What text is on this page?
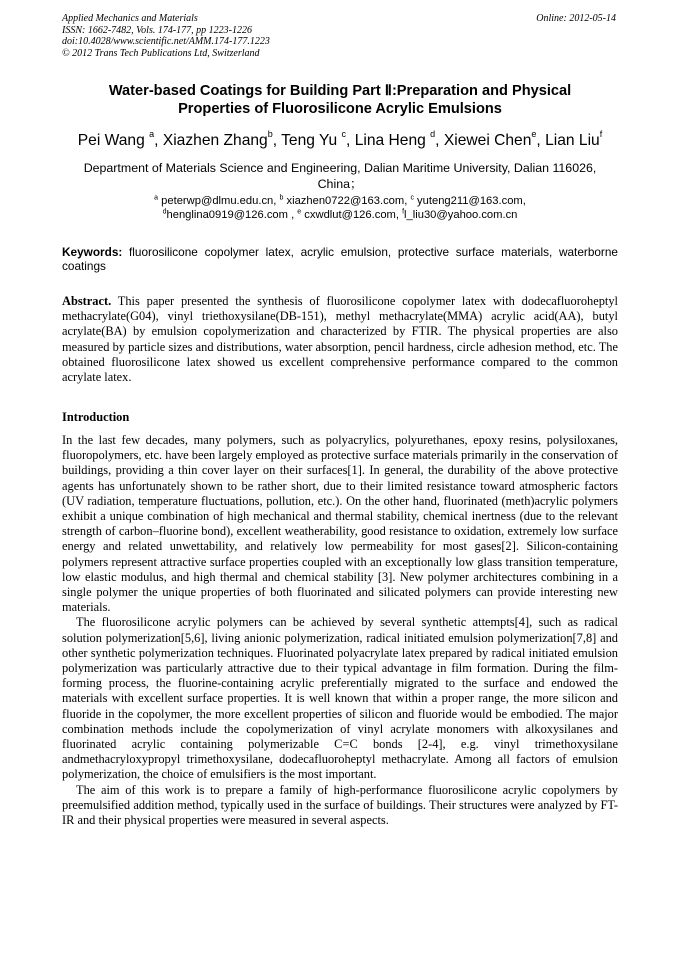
Applied Mechanics and Materials
ISSN: 1662-7482, Vols. 174-177, pp 1223-1226
doi:10.4028/www.scientific.net/AMM.174-177.1223
© 2012 Trans Tech Publications Ltd, Switzerland
Online: 2012-05-14
Water-based Coatings for Building Part Ⅱ:Preparation and Physical
Properties of Fluorosilicone Acrylic Emulsions
Pei Wang $^a$, Xiazhen Zhang$^b$, Teng Yu $^c$, Lina Heng $^d$, Xiewei Chen$^e$, Lian Liu$^f$
Department of Materials Science and Engineering, Dalian Maritime University, Dalian 116026,
China；
$^a$ peterwp@dlmu.edu.cn, $^b$ xiazhen0722@163.com, $^c$ yuteng211@163.com,
$^d$henglina0919@126.com , $^e$ cxwdlut@126.com, $^f$l_liu30@yahoo.com.cn
Keywords: fluorosilicone copolymer latex, acrylic emulsion, protective surface materials, waterborne coatings
Abstract. This paper presented the synthesis of fluorosilicone copolymer latex with dodecafluoroheptyl methacrylate(G04), vinyl triethoxysilane(DB-151), methyl methacrylate(MMA) acrylic acid(AA), butyl acrylate(BA) by emulsion copolymerization and characterized by FTIR. The physical properties are also measured by particle sizes and distributions, water absorption, pencil hardness, circle adhesion method, etc. The obtained fluorosilicone latex showed us excellent comprehensive performance compared to the common acrylate latex.
Introduction

In the last few decades, many polymers, such as polyacrylics, polyurethanes, epoxy resins, polysiloxanes, fluoropolymers, etc. have been largely employed as protective surface materials primarily in the conservation of buildings, providing a thin cover layer on their surfaces[1]. In general, the durability of the above protective agents has unfortunately shown to be rather short, due to their limited resistance toward atmospheric factors (UV radiation, temperature fluctuations, pollution, etc.). On the other hand, fluorinated (meth)acrylic polymers exhibit a unique combination of high mechanical and thermal stability, chemical inertness (due to the relevant strength of carbon–fluorine bond), excellent weatherability, good resistance to oxidation, extremely low surface energy and related unwettability, and relatively low permeability for most gases[2]. Silicon-containing polymers represent attractive surface properties coupled with an exceptionally low glass transition temperature, low elastic modulus, and high thermal and chemical stability [3]. New polymer architectures combining in a single polymer the unique properties of both fluorinated and silicated polymers can provide interesting new materials.

The fluorosilicone acrylic polymers can be achieved by several synthetic attempts[4], such as radical solution polymerization[5,6], living anionic polymerization, radical initiated emulsion polymerization[7,8] and other synthetic polymerization techniques. Fluorinated polyacrylate latex prepared by radical initiated emulsion polymerization was particularly attractive due to their typical advantage in film formation. During the film-forming process, the fluorine-containing acrylic preferentially migrated to the surface and endowed the materials with excellent surface properties. It is well known that within a proper range, the more silicon and fluoride in the copolymer, the more excellent properties of silicon and fluoride would be embodied. The major combination methods include the copolymerization of vinyl acrylate monomers with alkoxysilanes and fluorinated acrylic containing polymerizable C=C bonds [2-4], e.g. vinyl trimethoxysilane andmethacryloxypropyl trimethoxysilane, dodecafluoroheptyl methacrylate. Among all factors of emulsion polymerization, the choice of emulsifiers is the most important.

The aim of this work is to prepare a family of high-performance fluorosilicone acrylic copolymers by preemulsified addition method, typically used in the surface of buildings. Their structures were analyzed by FT-IR and their physical properties were measured in several aspects.
